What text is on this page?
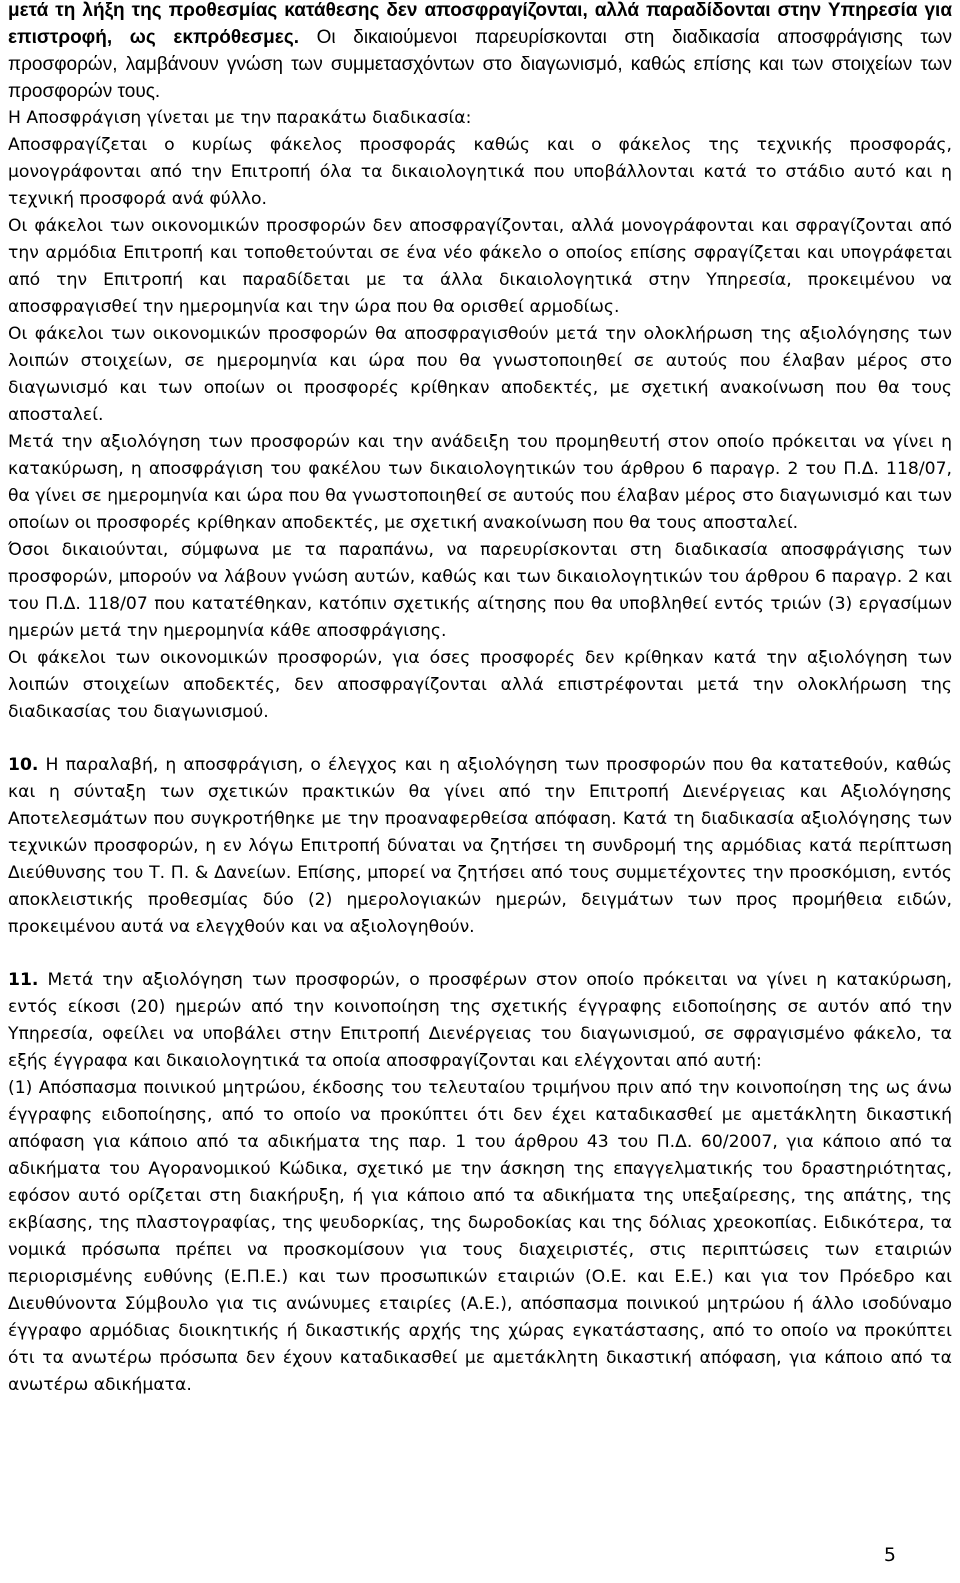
μετά τη λήξη της προθεσμίας κατάθεσης δεν αποσφραγίζονται, αλλά παραδίδονται στην Υπηρεσία για επιστροφή, ως εκπρόθεσμες. Οι δικαιούμενοι παρευρίσκονται στη διαδικασία αποσφράγισης των προσφορών, λαμβάνουν γνώση των συμμετασχόντων στο διαγωνισμό, καθώς επίσης και των στοιχείων των προσφορών τους.

Η Αποσφράγιση γίνεται με την παρακάτω διαδικασία:

Αποσφραγίζεται ο κυρίως φάκελος προσφοράς καθώς και ο φάκελος της τεχνικής προσφοράς, μονογράφονται από την Επιτροπή όλα τα δικαιολογητικά που υποβάλλονται κατά το στάδιο αυτό και η τεχνική προσφορά ανά φύλλο.

Οι φάκελοι των οικονομικών προσφορών δεν αποσφραγίζονται, αλλά μονογράφονται και σφραγίζονται από την αρμόδια Επιτροπή και τοποθετούνται σε ένα νέο φάκελο ο οποίος επίσης σφραγίζεται και υπογράφεται από την Επιτροπή και παραδίδεται με τα άλλα δικαιολογητικά στην Υπηρεσία, προκειμένου να αποσφραγισθεί την ημερομηνία και την ώρα που θα ορισθεί αρμοδίως.

Οι φάκελοι των οικονομικών προσφορών θα αποσφραγισθούν μετά την ολοκλήρωση της αξιολόγησης των λοιπών στοιχείων, σε ημερομηνία και ώρα που θα γνωστοποιηθεί σε αυτούς που έλαβαν μέρος στο διαγωνισμό και των οποίων οι προσφορές κρίθηκαν αποδεκτές, με σχετική ανακοίνωση που θα τους αποσταλεί.

Μετά την αξιολόγηση των προσφορών και την ανάδειξη του προμηθευτή στον οποίο πρόκειται να γίνει η κατακύρωση, η αποσφράγιση του φακέλου των δικαιολογητικών του άρθρου 6 παραγρ. 2 του Π.Δ. 118/07, θα γίνει σε ημερομηνία και ώρα που θα γνωστοποιηθεί σε αυτούς που έλαβαν μέρος στο διαγωνισμό και των οποίων οι προσφορές κρίθηκαν αποδεκτές, με σχετική ανακοίνωση που θα τους αποσταλεί.

Όσοι δικαιούνται, σύμφωνα με τα παραπάνω, να παρευρίσκονται στη διαδικασία αποσφράγισης των προσφορών, μπορούν να λάβουν γνώση αυτών, καθώς και των δικαιολογητικών του άρθρου 6 παραγρ. 2 και του Π.Δ. 118/07 που κατατέθηκαν, κατόπιν σχετικής αίτησης που θα υποβληθεί εντός τριών (3) εργασίμων ημερών μετά την ημερομηνία κάθε αποσφράγισης.

Οι φάκελοι των οικονομικών προσφορών, για όσες προσφορές δεν κρίθηκαν κατά την αξιολόγηση των λοιπών στοιχείων αποδεκτές, δεν αποσφραγίζονται αλλά επιστρέφονται μετά την ολοκλήρωση της διαδικασίας του διαγωνισμού.

10. Η παραλαβή, η αποσφράγιση, ο έλεγχος και η αξιολόγηση των προσφορών που θα κατατεθούν, καθώς και η σύνταξη των σχετικών πρακτικών θα γίνει από την Επιτροπή Διενέργειας και Αξιολόγησης Αποτελεσμάτων που συγκροτήθηκε με την προαναφερθείσα απόφαση. Κατά τη διαδικασία αξιολόγησης των τεχνικών προσφορών, η εν λόγω Επιτροπή δύναται να ζητήσει τη συνδρομή της αρμόδιας κατά περίπτωση Διεύθυνσης του Τ. Π. & Δανείων. Επίσης, μπορεί να ζητήσει από τους συμμετέχοντες την προσκόμιση, εντός αποκλειστικής προθεσμίας δύο (2) ημερολογιακών ημερών, δειγμάτων των προς προμήθεια ειδών, προκειμένου αυτά να ελεγχθούν και να αξιολογηθούν.

11. Μετά την αξιολόγηση των προσφορών, ο προσφέρων στον οποίο πρόκειται να γίνει η κατακύρωση, εντός είκοσι (20) ημερών από την κοινοποίηση της σχετικής έγγραφης ειδοποίησης σε αυτόν από την Υπηρεσία, οφείλει να υποβάλει στην Επιτροπή Διενέργειας του διαγωνισμού, σε σφραγισμένο φάκελο, τα εξής έγγραφα και δικαιολογητικά τα οποία αποσφραγίζονται και ελέγχονται από αυτή:

(1) Απόσπασμα ποινικού μητρώου, έκδοσης του τελευταίου τριμήνου πριν από την κοινοποίηση της ως άνω έγγραφης ειδοποίησης, από το οποίο να προκύπτει ότι δεν έχει καταδικασθεί με αμετάκλητη δικαστική απόφαση για κάποιο από τα αδικήματα της παρ. 1 του άρθρου 43 του Π.Δ. 60/2007, για κάποιο από τα αδικήματα του Αγορανομικού Κώδικα, σχετικό με την άσκηση της επαγγελματικής του δραστηριότητας, εφόσον αυτό ορίζεται στη διακήρυξη, ή για κάποιο από τα αδικήματα της υπεξαίρεσης, της απάτης, της εκβίασης, της πλαστογραφίας, της ψευδορκίας, της δωροδοκίας και της δόλιας χρεοκοπίας. Ειδικότερα, τα νομικά πρόσωπα πρέπει να προσκομίσουν για τους διαχειριστές, στις περιπτώσεις των εταιριών περιορισμένης ευθύνης (Ε.Π.Ε.) και των προσωπικών εταιριών (Ο.Ε. και Ε.Ε.) και για τον Πρόεδρο και Διευθύνοντα Σύμβουλο για τις ανώνυμες εταιρίες (Α.Ε.), απόσπασμα ποινικού μητρώου ή άλλο ισοδύναμο έγγραφο αρμόδιας διοικητικής ή δικαστικής αρχής της χώρας εγκατάστασης, από το οποίο να προκύπτει ότι τα ανωτέρω πρόσωπα δεν έχουν καταδικασθεί με αμετάκλητη δικαστική απόφαση, για κάποιο από τα ανωτέρω αδικήματα.

5
